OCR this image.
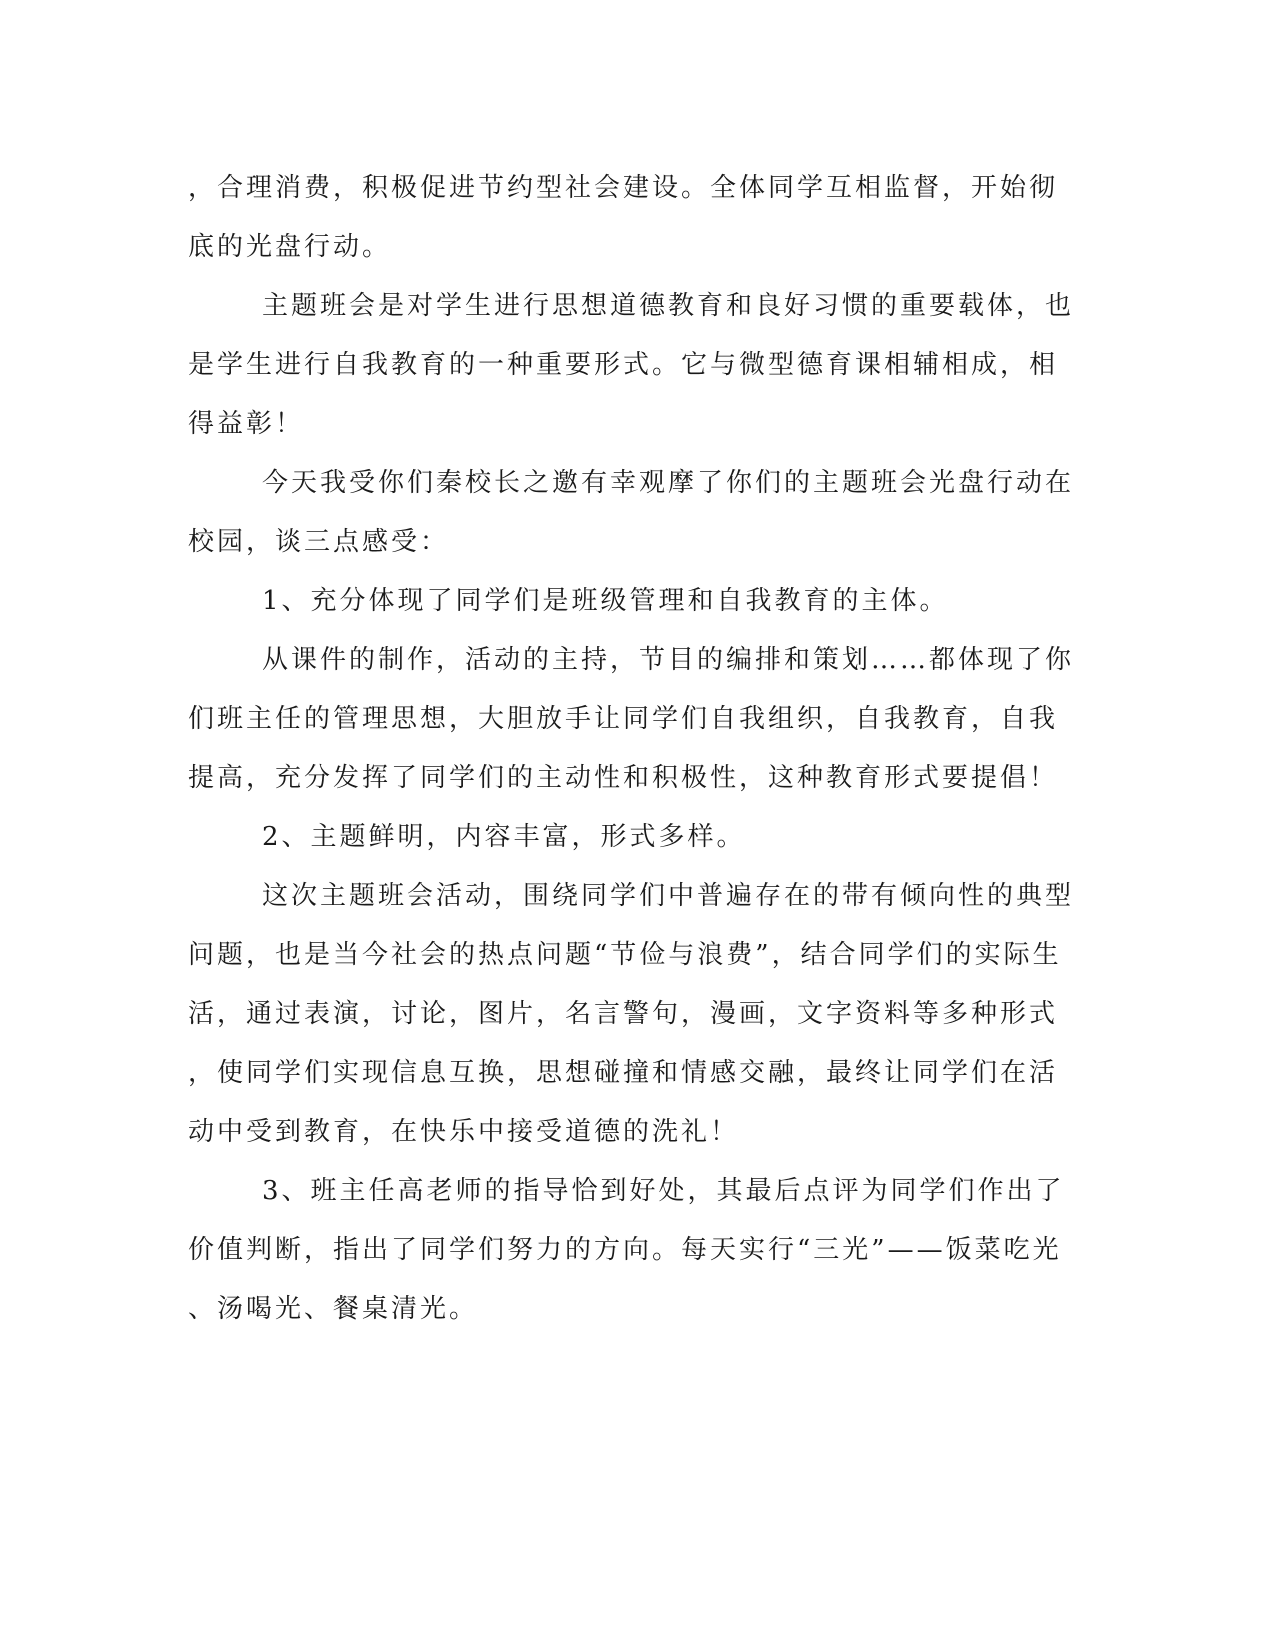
，合理消费，积极促进节约型社会建设。全体同学互相监督，开始彻
底的光盘行动。
主题班会是对学生进行思想道德教育和良好习惯的重要载体，也
是学生进行自我教育的一种重要形式。它与微型德育课相辅相成，相
得益彰！
今天我受你们秦校长之邀有幸观摩了你们的主题班会光盘行动在
校园，谈三点感受：
1、充分体现了同学们是班级管理和自我教育的主体。
从课件的制作，活动的主持，节目的编排和策划……都体现了你
们班主任的管理思想，大胆放手让同学们自我组织，自我教育，自我
提高，充分发挥了同学们的主动性和积极性，这种教育形式要提倡！
2、主题鲜明，内容丰富，形式多样。
这次主题班会活动，围绕同学们中普遍存在的带有倾向性的典型
问题，也是当今社会的热点问题“节俭与浪费”，结合同学们的实际生
活，通过表演，讨论，图片，名言警句，漫画，文字资料等多种形式
，使同学们实现信息互换，思想碰撞和情感交融，最终让同学们在活
动中受到教育，在快乐中接受道德的洗礼！
3、班主任高老师的指导恰到好处，其最后点评为同学们作出了
价值判断，指出了同学们努力的方向。每天实行“三光”——饭菜吃光
、汤喝光、餐桌清光。
